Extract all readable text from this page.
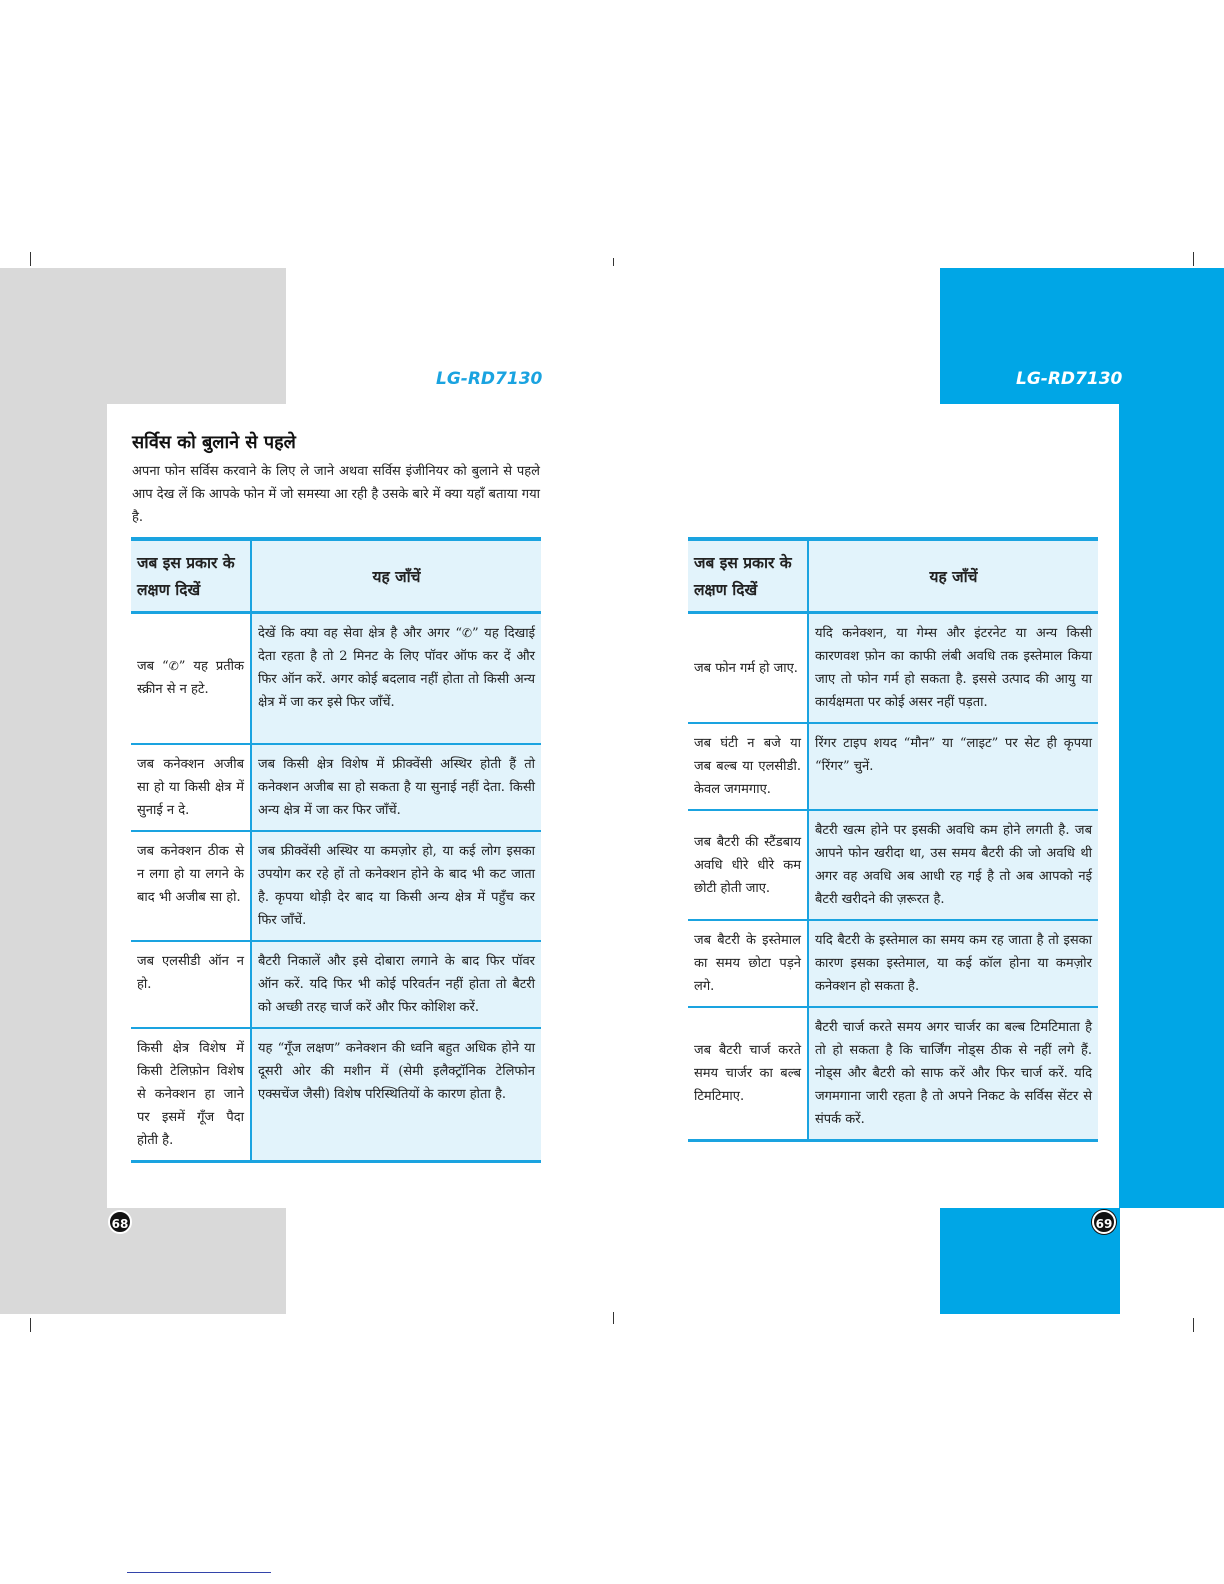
LG-RD7130	LG-RD7130
सर्विस को बुलाने से पहले
अपना फोन सर्विस करवाने के लिए ले जाने अथवा सर्विस इंजीनियर को बुलाने से पहले आप देख लें कि आपके फोन में जो समस्या आ रही है उसके बारे में क्या यहाँ बताया गया है.
जब इस प्रकार के लक्षण दिखें	यह जाँचें
जब “✆” यह प्रतीक स्क्रीन से न हटे.	देखें कि क्या वह सेवा क्षेत्र है और अगर “✆” यह दिखाई देता रहता है तो 2 मिनट के लिए पॉवर ऑफ कर दें और फिर ऑन करें. अगर कोई बदलाव नहीं होता तो किसी अन्य क्षेत्र में जा कर इसे फिर जाँचें.
जब कनेक्शन अजीब सा हो या किसी क्षेत्र में सुनाई न दे.	जब किसी क्षेत्र विशेष में फ्रीक्वेंसी अस्थिर होती हैं तो कनेक्शन अजीब सा हो सकता है या सुनाई नहीं देता. किसी अन्य क्षेत्र में जा कर फिर जाँचें.
जब कनेक्शन ठीक से न लगा हो या लगने के बाद भी अजीब सा हो.	जब फ्रीक्वेंसी अस्थिर या कमज़ोर हो, या कई लोग इसका उपयोग कर रहे हों तो कनेक्शन होने के बाद भी कट जाता है. कृपया थोड़ी देर बाद या किसी अन्य क्षेत्र में पहुँच कर फिर जाँचें.
जब एलसीडी ऑन न हो.	बैटरी निकालें और इसे दोबारा लगाने के बाद फिर पॉवर ऑन करें. यदि फिर भी कोई परिवर्तन नहीं होता तो बैटरी को अच्छी तरह चार्ज करें और फिर कोशिश करें.
किसी क्षेत्र विशेष में किसी टेलिफ़ोन विशेष से कनेक्शन हा जाने पर इसमें गूँज पैदा होती है.	यह “गूँज लक्षण” कनेक्शन की ध्वनि बहुत अधिक होने या दूसरी ओर की मशीन में (सेमी इलैक्ट्रॉनिक टेलिफोन एक्सचेंज जैसी) विशेष परिस्थितियों के कारण होता है.
68
जब इस प्रकार के लक्षण दिखें	यह जाँचें
जब फोन गर्म हो जाए.	यदि कनेक्शन, या गेम्स और इंटरनेट या अन्य किसी कारणवश फ़ोन का काफी लंबी अवधि तक इस्तेमाल किया जाए तो फोन गर्म हो सकता है. इससे उत्पाद की आयु या कार्यक्षमता पर कोई असर नहीं पड़ता.
जब घंटी न बजे या जब बल्ब या एलसीडी. केवल जगमगाए.	रिंगर टाइप शयद “मौन” या “लाइट” पर सेट ही कृपया “रिंगर” चुनें.
जब बैटरी की स्टैंडबाय अवधि धीरे धीरे कम छोटी होती जाए.	बैटरी खत्म होने पर इसकी अवधि कम होने लगती है. जब आपने फोन खरीदा था, उस समय बैटरी की जो अवधि थी अगर वह अवधि अब आधी रह गई है तो अब आपको नई बैटरी खरीदने की ज़रूरत है.
जब बैटरी के इस्तेमाल का समय छोटा पड़ने लगे.	यदि बैटरी के इस्तेमाल का समय कम रह जाता है तो इसका कारण इसका इस्तेमाल, या कई कॉल होना या कमज़ोर कनेक्शन हो सकता है.
जब बैटरी चार्ज करते समय चार्जर का बल्ब टिमटिमाए.	बैटरी चार्ज करते समय अगर चार्जर का बल्ब टिमटिमाता है तो हो सकता है कि चार्जिंग नोड्स ठीक से नहीं लगे हैं. नोड्स और बैटरी को साफ करें और फिर चार्ज करें. यदि जगमगाना जारी रहता है तो अपने निकट के सर्विस सेंटर से संपर्क करें.
69
